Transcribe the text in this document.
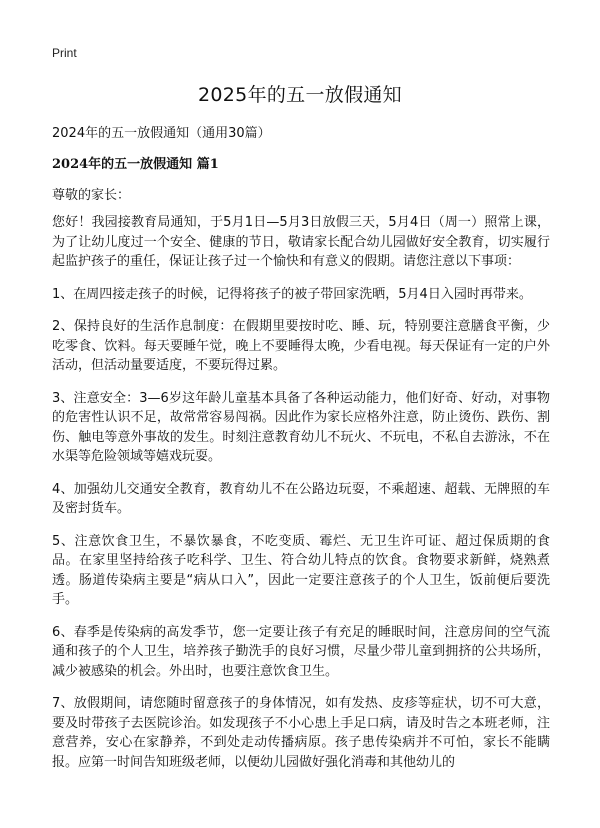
Print
2025年的五一放假通知
2024年的五一放假通知（通用30篇）
2024年的五一放假通知 篇1
尊敬的家长：

您好！我园接教育局通知，于5月1日—5月3日放假三天，5月4日（周一）照常上课，为了让幼儿度过一个安全、健康的节日，敬请家长配合幼儿园做好安全教育，切实履行起监护孩子的重任，保证让孩子过一个愉快和有意义的假期。请您注意以下事项：

1、在周四接走孩子的时候，记得将孩子的被子带回家洗晒，5月4日入园时再带来。

2、保持良好的生活作息制度：在假期里要按时吃、睡、玩，特别要注意膳食平衡，少吃零食、饮料。每天要睡午觉，晚上不要睡得太晚，少看电视。每天保证有一定的户外活动，但活动量要适度，不要玩得过累。

3、注意安全：3—6岁这年龄儿童基本具备了各种运动能力，他们好奇、好动，对事物的危害性认识不足，故常常容易闯祸。因此作为家长应格外注意，防止烫伤、跌伤、割伤、触电等意外事故的发生。时刻注意教育幼儿不玩火、不玩电，不私自去游泳，不在水渠等危险领域等嬉戏玩耍。

4、加强幼儿交通安全教育，教育幼儿不在公路边玩耍，不乘超速、超载、无牌照的车及密封货车。

5、注意饮食卫生，不暴饮暴食，不吃变质、霉烂、无卫生许可证、超过保质期的食品。在家里坚持给孩子吃科学、卫生、符合幼儿特点的饮食。食物要求新鲜，烧熟煮透。肠道传染病主要是“病从口入”，因此一定要注意孩子的个人卫生，饭前便后要洗手。

6、春季是传染病的高发季节，您一定要让孩子有充足的睡眠时间，注意房间的空气流通和孩子的个人卫生，培养孩子勤洗手的良好习惯，尽量少带儿童到拥挤的公共场所，减少被感染的机会。外出时，也要注意饮食卫生。

7、放假期间，请您随时留意孩子的身体情况，如有发热、皮疹等症状，切不可大意，要及时带孩子去医院诊治。如发现孩子不小心患上手足口病，请及时告之本班老师，注意营养，安心在家静养，不到处走动传播病原。孩子患传染病并不可怕，家长不能瞒报。应第一时间告知班级老师，以便幼儿园做好强化消毒和其他幼儿的
